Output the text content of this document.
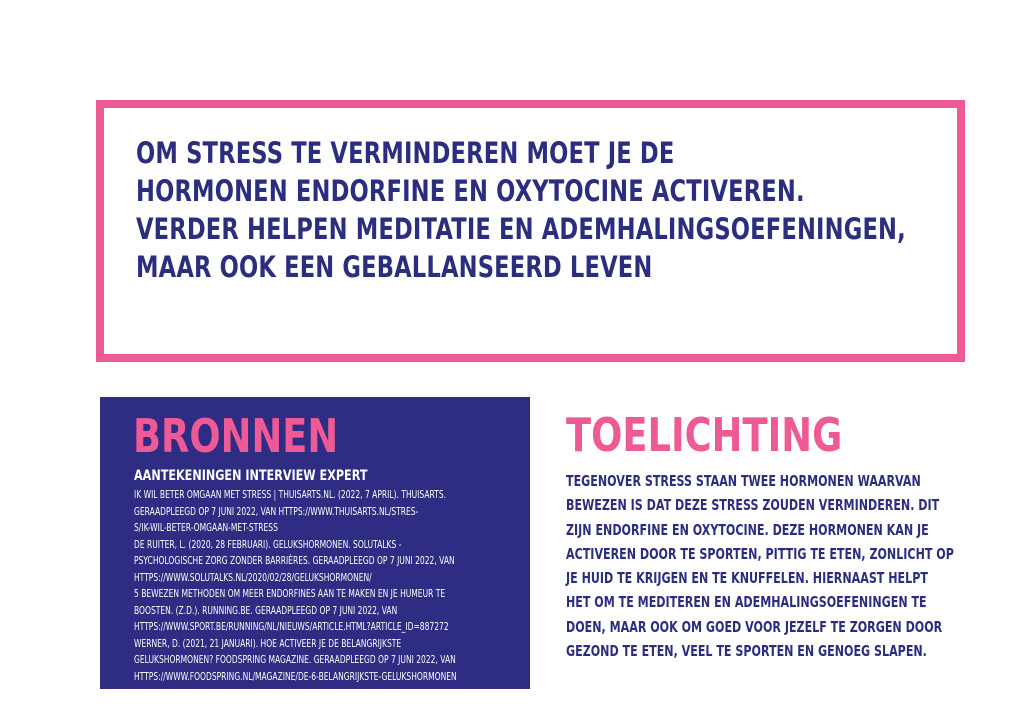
OM STRESS TE VERMINDEREN MOET JE DE
HORMONEN ENDORFINE EN OXYTOCINE ACTIVEREN.
VERDER HELPEN MEDITATIE EN ADEMHALINGSOEFENINGEN,
MAAR OOK EEN GEBALLANSEERD LEVEN
BRONNEN
AANTEKENINGEN INTERVIEW EXPERT
IK WIL BETER OMGAAN MET STRESS | THUISARTS.NL. (2022, 7 APRIL). THUISARTS.
GERAADPLEEGD OP 7 JUNI 2022, VAN HTTPS://WWW.THUISARTS.NL/STRES-
S/IK-WIL-BETER-OMGAAN-MET-STRESS
DE RUITER, L. (2020, 28 FEBRUARI). GELUKSHORMONEN. SOLUTALKS -
PSYCHOLOGISCHE ZORG ZONDER BARRIÈRES. GERAADPLEEGD OP 7 JUNI 2022, VAN
HTTPS://WWW.SOLUTALKS.NL/2020/02/28/GELUKSHORMONEN/
5 BEWEZEN METHODEN OM MEER ENDORFINES AAN TE MAKEN EN JE HUMEUR TE
BOOSTEN. (Z.D.). RUNNING.BE. GERAADPLEEGD OP 7 JUNI 2022, VAN
HTTPS://WWW.SPORT.BE/RUNNING/NL/NIEUWS/ARTICLE.HTML?ARTICLE_ID=887272
WERNER, D. (2021, 21 JANUARI). HOE ACTIVEER JE DE BELANGRIJKSTE
GELUKSHORMONEN? FOODSPRING MAGAZINE. GERAADPLEEGD OP 7 JUNI 2022, VAN
HTTPS://WWW.FOODSPRING.NL/MAGAZINE/DE-6-BELANGRIJKSTE-GELUKSHORMONEN
TOELICHTING
TEGENOVER STRESS STAAN TWEE HORMONEN WAARVAN
BEWEZEN IS DAT DEZE STRESS ZOUDEN VERMINDEREN. DIT
ZIJN ENDORFINE EN OXYTOCINE. DEZE HORMONEN KAN JE
ACTIVEREN DOOR TE SPORTEN, PITTIG TE ETEN, ZONLICHT OP
JE HUID TE KRIJGEN EN TE KNUFFELEN. HIERNAAST HELPT
HET OM TE MEDITEREN EN ADEMHALINGSOEFENINGEN TE
DOEN, MAAR OOK OM GOED VOOR JEZELF TE ZORGEN DOOR
GEZOND TE ETEN, VEEL TE SPORTEN EN GENOEG SLAPEN.
